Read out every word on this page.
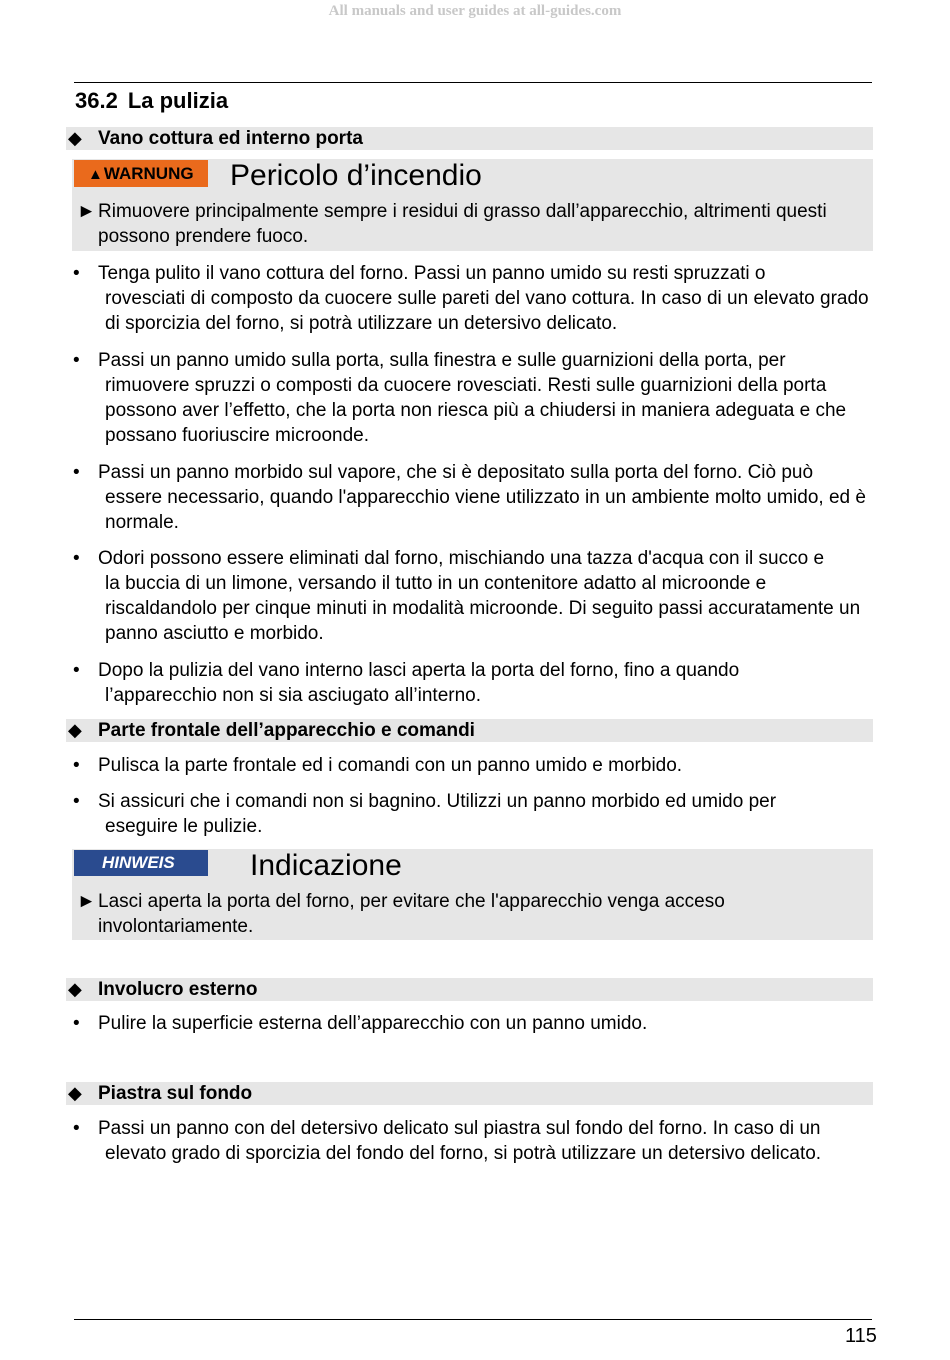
All manuals and user guides at all-guides.com
36.2 La pulizia
◆ Vano cottura ed interno porta
▲WARNUNG	Pericolo d’incendio
► Rimuovere principalmente sempre i residui di grasso dall’apparecchio, altrimenti questi possono prendere fuoco.
• Tenga pulito il vano cottura del forno. Passi un panno umido su resti spruzzati o
rovesciati di composto da cuocere sulle pareti del vano cottura. In caso di un elevato grado di sporcizia del forno, si potrà utilizzare un detersivo delicato.
• Passi un panno umido sulla porta, sulla finestra e sulle guarnizioni della porta, per
rimuovere spruzzi o composti da cuocere rovesciati. Resti sulle guarnizioni della porta possono aver l’effetto, che la porta non riesca più a chiudersi in maniera adeguata e che possano fuoriuscire microonde.
• Passi un panno morbido sul vapore, che si è depositato sulla porta del forno. Ciò può
essere necessario, quando l'apparecchio viene utilizzato in un ambiente molto umido, ed è normale.
• Odori possono essere eliminati dal forno, mischiando una tazza d'acqua con il succo e
la buccia di un limone, versando il tutto in un contenitore adatto al microonde e riscaldandolo per cinque minuti in modalità microonde. Di seguito passi accuratamente un panno asciutto e morbido.
• Dopo la pulizia del vano interno lasci aperta la porta del forno, fino a quando
l’apparecchio non si sia asciugato all’interno.
◆ Parte frontale dell’apparecchio e comandi
• Pulisca la parte frontale ed i comandi con un panno umido e morbido.
• Si assicuri che i comandi non si bagnino. Utilizzi un panno morbido ed umido per
eseguire le pulizie.
HINWEIS	Indicazione
► Lasci aperta la porta del forno, per evitare che l'apparecchio venga acceso involontariamente.
◆ Involucro esterno
• Pulire la superficie esterna dell’apparecchio con un panno umido.
◆ Piastra sul fondo
• Passi un panno con del detersivo delicato sul piastra sul fondo del forno. In caso di un
elevato grado di sporcizia del fondo del forno, si potrà utilizzare un detersivo delicato.
115
